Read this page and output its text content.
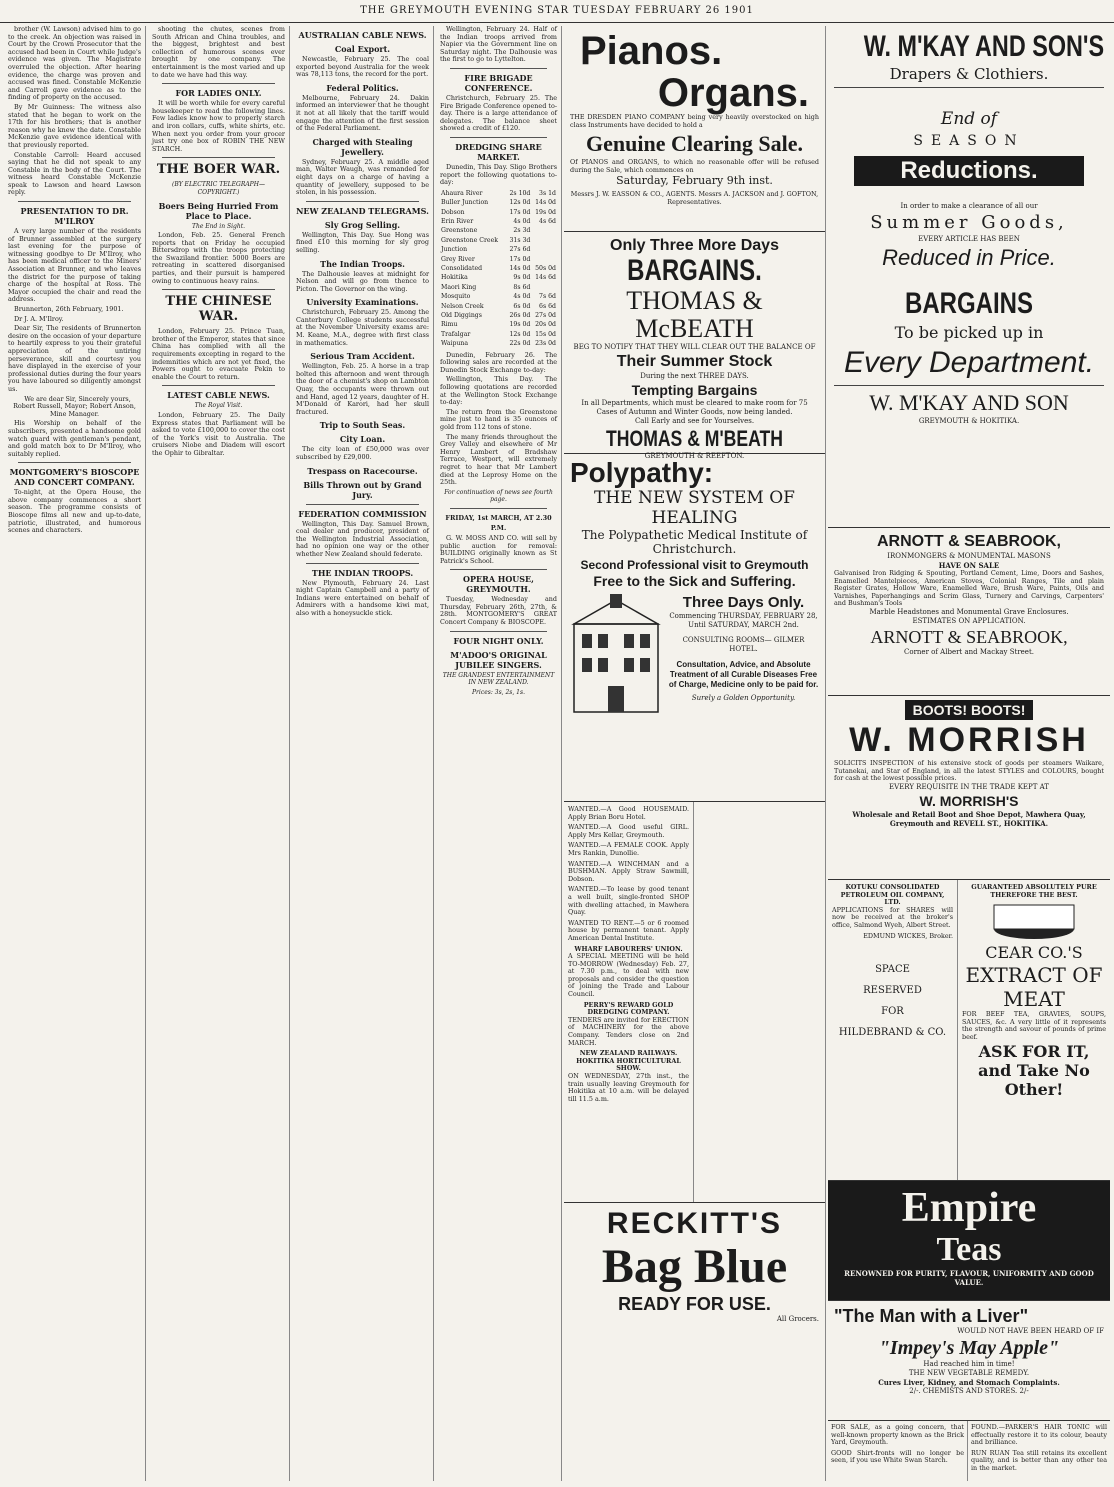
THE GREYMOUTH EVENING STAR TUESDAY FEBRUARY 26 1901

brother (W. Lawson) advised him to go to the creek. An objection was raised in Court by the Crown Prosecutor that the accused had been in Court while Judge's evidence was given. The Magistrate overruled the objection. After hearing evidence, the charge was proven and accused was fined. Constable McKenzie and Carroll gave evidence as to the finding of property on the accused.

By Mr Guinness: The witness also stated that he began to work on the 17th for his brothers; that is another reason why he knew the date. Constable McKenzie gave evidence identical with that previously reported.

Constable Carroll: Heard accused saying that he did not speak to any Constable in the body of the Court. The witness heard Constable McKenzie speak to Lawson and heard Lawson reply.

PRESENTATION TO DR. M'ILROY

A very large number of the residents of Brunner assembled at the surgery last evening for the purpose of witnessing goodbye to Dr M'Ilroy, who has been medical officer to the Miners' Association at Brunner, and who leaves the district for the purpose of taking charge of the hospital at Ross. The Mayor occupied the chair and read the address.

Brunnerton, 26th February, 1901.

Dr J. A. M'Ilroy.

Dear Sir, The residents of Brunnerton desire on the occasion of your departure to heartily express to you their grateful appreciation of the untiring perseverance, skill and courtesy you have displayed in the exercise of your professional duties during the four years you have laboured so diligently amongst us.

We are dear Sir, Sincerely yours, Robert Russell, Mayor; Robert Anson, Mine Manager.

His Worship on behalf of the subscribers, presented a handsome gold watch guard with gentleman's pendant, and gold match box to Dr M'Ilroy, who suitably replied.

MONTGOMERY'S BIOSCOPE AND CONCERT COMPANY.

To-night, at the Opera House, the above company commences a short season. The programme consists of Bioscope films all new and up-to-date, patriotic, illustrated, and humorous scenes and characters.

shooting the chutes, scenes from South African and China troubles, and the biggest, brightest and best collection of humorous scenes ever brought by one company. The entertainment is the most varied and up to date we have had this way.

FOR LADIES ONLY.

It will be worth while for every careful housekeeper to read the following lines. Few ladies know how to properly starch and iron collars, cuffs, white shirts, etc. When next you order from your grocer just try one box of ROBIN THE NEW STARCH.

THE BOER WAR.
(BY ELECTRIC TELEGRAPH—COPYRIGHT.)
Boers Being Hurried From Place to Place.
The End in Sight.

London, Feb. 25. General French reports that on Friday he occupied Bittersdrop with the troops protecting the Swaziland frontier. 5000 Boers are retreating in scattered disorganised parties, and their pursuit is hampered owing to continuous heavy rains.

THE CHINESE WAR.

London, February 25. Prince Tuan, brother of the Emperor, states that since China has complied with all the requirements excepting in regard to the indemnities which are not yet fixed, the Powers ought to evacuate Pekin to enable the Court to return.

LATEST CABLE NEWS.
The Royal Visit.

London, February 25. The Daily Express states that Parliament will be asked to vote £100,000 to cover the cost of the York's visit to Australia. The cruisers Niobe and Diadem will escort the Ophir to Gibraltar.

AUSTRALIAN CABLE NEWS.
Coal Export.

Newcastle, February 25. The coal exported beyond Australia for the week was 78,113 tons, the record for the port.

Federal Politics.

Melbourne, February 24. Dakin informed an interviewer that he thought it not at all likely that the tariff would engage the attention of the first session of the Federal Parliament.

Charged with Stealing Jewellery.

Sydney, February 25. A middle aged man, Walter Waugh, was remanded for eight days on a charge of having a quantity of jewellery, supposed to be stolen, in his possession.

NEW ZEALAND TELEGRAMS.
Sly Grog Selling.

Wellington, This Day. Sue Hong was fined £10 this morning for sly grog selling.

The Indian Troops.

The Dalhousie leaves at midnight for Nelson and will go from thence to Picton. The Governor on the wing.

University Examinations.

Christchurch, February 25. Among the Canterbury College students successful at the November University exams are: M. Keane, M.A., degree with first class in mathematics.

Serious Tram Accident.

Wellington, Feb. 25. A horse in a trap bolted this afternoon and went through the door of a chemist's shop on Lambton Quay, the occupants were thrown out and Hand, aged 12 years, daughter of H. M'Donald of Karori, had her skull fractured.

Trip to South Seas.
City Loan.

The city loan of £50,000 was over subscribed by £29,000.

Trespass on Racecourse.
Bills Thrown out by Grand Jury.
FEDERATION COMMISSION

Wellington, This Day. Samuel Brown, coal dealer and producer, president of the Wellington Industrial Association, had no opinion one way or the other whether New Zealand should federate.

THE INDIAN TROOPS.

New Plymouth, February 24. Last night Captain Campbell and a party of Indians were entertained on behalf of Admirers with a handsome kiwi mat, also with a honeysuckle stick.

Wellington, February 24. Half of the Indian troops arrived from Napier via the Government line on Saturday night. The Dalhousie was the first to go to Lyttelton.

FIRE BRIGADE CONFERENCE.

Christchurch, February 25. The Fire Brigade Conference opened to-day. There is a large attendance of delegates. The balance sheet showed a credit of £120.

DREDGING SHARE MARKET.

Dunedin, This Day. Sligo Brothers report the following quotations to-day:

Ahaura River	2s 10d	3s 1d
Buller Junction	12s 0d	14s 0d
Dobson	17s 0d	19s 0d
Erin River	4s 0d	4s 6d
Greenstone	2s 3d	
Greenstone Creek	31s 3d	
Junction	27s 6d	
Grey River	17s 0d	
Consolidated	14s 0d	50s 0d
Hokitika	9s 0d	14s 6d
Maori King	8s 6d	
Mosquito	4s 0d	7s 6d
Nelson Creek	6s 0d	6s 6d
Old Diggings	26s 0d	27s 0d
Rimu	19s 0d	20s 0d
Trafalgar	12s 0d	15s 0d
Waipuna	22s 0d	23s 0d

Dunedin, February 26. The following sales are recorded at the Dunedin Stock Exchange to-day:

Wellington, This Day. The following quotations are recorded at the Wellington Stock Exchange to-day:

The return from the Greenstone mine just to hand is 35 ounces of gold from 112 tons of stone.

The many friends throughout the Grey Valley and elsewhere of Mr Henry Lambert of Bradshaw Terrace, Westport, will extremely regret to hear that Mr Lambert died at the Leprosy Home on the 25th.

For continuation of news see fourth page.
FRIDAY, 1st MARCH, AT 2.30 P.M.

G. W. MOSS AND CO. will sell by public auction for removal: BUILDING originally known as St Patrick's School.

OPERA HOUSE, GREYMOUTH.

Tuesday, Wednesday and Thursday, February 26th, 27th, & 28th. MONTGOMERY'S GREAT Concert Company & BIOSCOPE.

FOUR NIGHT ONLY.
M'ADOO'S ORIGINAL JUBILEE SINGERS.
THE GRANDEST ENTERTAINMENT IN NEW ZEALAND.
Prices: 3s, 2s, 1s.
Pianos.
Organs.
THE DRESDEN PIANO COMPANY being very heavily overstocked on high class Instruments have decided to hold a
Genuine Clearing Sale.
Of PIANOS and ORGANS, to which no reasonable offer will be refused during the Sale, which commences on
Saturday, February 9th inst.
Messrs J. W. EASSON & CO., AGENTS. Messrs A. JACKSON and J. GOFTON, Representatives.
Only Three More Days
BARGAINS.
THOMAS & McBEATH
BEG TO NOTIFY THAT THEY WILL CLEAR OUT THE BALANCE OF
Their Summer Stock
During the next THREE DAYS.
Tempting Bargains
In all Departments, which must be cleared to make room for 75 Cases of Autumn and Winter Goods, now being landed.
Call Early and see for Yourselves.
THOMAS & M'BEATH
GREYMOUTH & REEFTON.
Polypathy:
THE NEW SYSTEM OF HEALING
The Polypathetic Medical Institute of Christchurch.
Second Professional visit to Greymouth
Free to the Sick and Suffering.
Three Days Only.
Commencing THURSDAY, FEBRUARY 28, Until SATURDAY, MARCH 2nd.
CONSULTING ROOMS— GILMER HOTEL.
Consultation, Advice, and Absolute Treatment of all Curable Diseases Free of Charge, Medicine only to be paid for.
Surely a Golden Opportunity.

WANTED.—A Good HOUSEMAID. Apply Brian Boru Hotel.

WANTED.—A Good useful GIRL. Apply Mrs Kellar, Greymouth.

WANTED.—A FEMALE COOK. Apply Mrs Rankin, Dunollie.

WANTED.—A WINCHMAN and a BUSHMAN. Apply Straw Sawmill, Dobson.

WANTED.—To lease by good tenant a well built, single-fronted SHOP with dwelling attached, in Mawhera Quay.

WANTED TO RENT.—5 or 6 roomed house by permanent tenant. Apply American Dental Institute.

WHARF LABOURERS' UNION.

A SPECIAL MEETING will be held TO-MORROW (Wednesday) Feb. 27, at 7.30 p.m., to deal with new proposals and consider the question of joining the Trade and Labour Council.

PERRY'S REWARD GOLD DREDGING COMPANY.

TENDERS are invited for ERECTION of MACHINERY for the above Company. Tenders close on 2nd MARCH.

NEW ZEALAND RAILWAYS. HOKITIKA HORTICULTURAL SHOW.

ON WEDNESDAY, 27th inst., the train usually leaving Greymouth for Hokitika at 10 a.m. will be delayed till 11.5 a.m.

RECKITT'S
Bag Blue
READY FOR USE.
All Grocers.
W. M'KAY AND SON'S
Drapers & Clothiers.
End of
SEASON
Reductions.
In order to make a clearance of all our
Summer Goods,
EVERY ARTICLE HAS BEEN
Reduced in Price.
BARGAINS
To be picked up in
Every Department.
W. M'KAY AND SON
GREYMOUTH & HOKITIKA.
ARNOTT & SEABROOK,
IRONMONGERS & MONUMENTAL MASONS
HAVE ON SALE
Galvanised Iron Ridging & Spouting, Portland Cement, Lime, Doors and Sashes, Enamelled Mantelpieces, American Stoves, Colonial Ranges, Tile and plain Register Grates, Hollow Ware, Enamelled Ware, Brush Ware, Paints, Oils and Varnishes, Paperhangings and Scrim Glass, Turnery and Carvings, Carpenters' and Bushman's Tools
Marble Headstones and Monumental Grave Enclosures.
ESTIMATES ON APPLICATION.
ARNOTT & SEABROOK,
Corner of Albert and Mackay Street.
BOOTS! BOOTS!
W. MORRISH
SOLICITS INSPECTION of his extensive stock of goods per steamers Waikare, Tutanekai, and Star of England, in all the latest STYLES and COLOURS, bought for cash at the lowest possible prices.
EVERY REQUISITE IN THE TRADE KEPT AT
W. MORRISH'S
Wholesale and Retail Boot and Shoe Depot, Mawhera Quay, Greymouth and REVELL ST., HOKITIKA.
KOTUKU CONSOLIDATED PETROLEUM OIL COMPANY, LTD.

APPLICATIONS for SHARES will now be received at the broker's office, Salmond Wyeh, Albert Street.

EDMUND WICKES, Broker.

SPACE
RESERVED
FOR
HILDEBRAND & CO.
GUARANTEED ABSOLUTELY PURE THEREFORE THE BEST.
CEAR CO.'S
EXTRACT OF MEAT
FOR BEEF TEA, GRAVIES, SOUPS, SAUCES, &c. A very little of it represents the strength and savour of pounds of prime beef.
ASK FOR IT, and Take No Other!
Empire
Teas
RENOWNED FOR PURITY, FLAVOUR, UNIFORMITY AND GOOD VALUE.
"The Man with a Liver"
WOULD NOT HAVE BEEN HEARD OF IF
"Impey's May Apple"
Had reached him in time!
THE NEW VEGETABLE REMEDY.
Cures Liver, Kidney, and Stomach Complaints.
2/-. CHEMISTS AND STORES. 2/-

FOR SALE, as a going concern, that well-known property known as the Brick Yard, Greymouth.

GOOD Shirt-fronts will no longer be seen, if you use White Swan Starch.

FOUND.—PARKER'S HAIR TONIC will effectually restore it to its colour, beauty and brilliance.

RUN RUAN Tea still retains its excellent quality, and is better than any other tea in the market.
